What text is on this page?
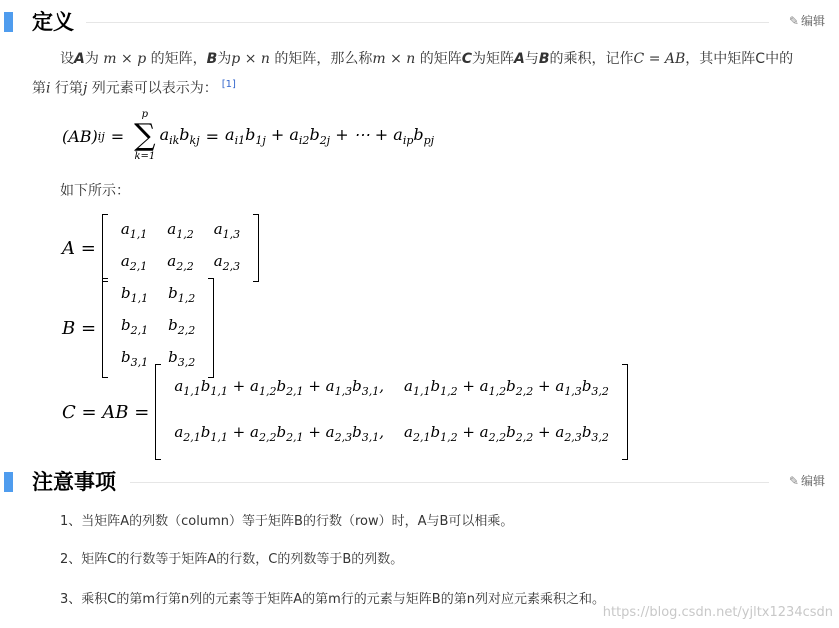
定义	✎ 编辑

设A为 m × p 的矩阵，B为p × n 的矩阵，那么称m × n 的矩阵C为矩阵A与B的乘积，记作C = AB，其中矩阵C中的

第i 行第j 列元素可以表示为： [1]
(AB) ij =
p
∑
k=1
$a_{ik}b_{kj} = a_{i1}b_{1j} + a_{i2}b_{2j}$ + ⋯ + $a_{ip}b_{pj}$
如下所示：
A =
$a_{1,1}$	$a_{1,2}$	$a_{1,3}$
$a_{2,1}$	$a_{2,2}$	$a_{2,3}$
B =
$b_{1,1}$	$b_{1,2}$
$b_{2,1}$	$b_{2,2}$
$b_{3,1}$	$b_{3,2}$
C = AB =
$a_{1,1}b_{1,1} + a_{1,2}b_{2,1} + a_{1,3}b_{3,1}$,	$a_{1,1}b_{1,2} + a_{1,2}b_{2,2} + a_{1,3}b_{3,2}$
$a_{2,1}b_{1,1} + a_{2,2}b_{2,1} + a_{2,3}b_{3,1}$,	$a_{2,1}b_{1,2} + a_{2,2}b_{2,2} + a_{2,3}b_{3,2}$
注意事项	✎ 编辑
1、当矩阵A的列数（column）等于矩阵B的行数（row）时，A与B可以相乘。
2、矩阵C的行数等于矩阵A的行数，C的列数等于B的列数。
3、乘积C的第m行第n列的元素等于矩阵A的第m行的元素与矩阵B的第n列对应元素乘积之和。
https://blog.csdn.net/yjltx1234csdn
